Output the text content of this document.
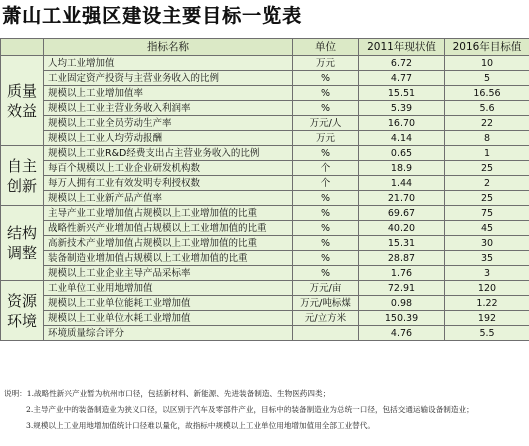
萧山工业强区建设主要目标一览表
	指标名称	单位	2011年现状值	2016年目标值

质量
效益	人均工业增加值	万元	6.72	10
	工业固定资产投资与主营业务收入的比例	%	4.77	5
	规模以上工业增加值率	%	15.51	16.56
	规模以上工业主营业务收入利润率	%	5.39	5.6
	规模以上工业全员劳动生产率	万元/人	16.70	22
	规模以上工业人均劳动报酬	万元	4.14	8

自主
创新	规模以上工业R&D经费支出占主营业务收入的比例	%	0.65	1
	每百个规模以上工业企业研发机构数	个	18.9	25
	每万人拥有工业有效发明专利授权数	个	1.44	2
	规模以上工业新产品产值率	%	21.70	25

结构
调整	主导产业工业增加值占规模以上工业增加值的比重	%	69.67	75
	战略性新兴产业增加值占规模以上工业增加值的比重	%	40.20	45
	高新技术产业增加值占规模以上工业增加值的比重	%	15.31	30
	装备制造业增加值占规模以上工业增加值的比重	%	28.87	35
	规模以上工业企业主导产品采标率	%	1.76	3

资源
环境	工业单位工业用地增加值	万元/亩	72.91	120
	规模以上工业单位能耗工业增加值	万元/吨标煤	0.98	1.22
	规模以上工业单位水耗工业增加值	元/立方米	150.39	192
	环境质量综合评分		4.76	5.5
说明：1.战略性新兴产业暂为杭州市口径，包括新材料、新能源、先进装备制造、生物医药四类；
2.主导产业中的装备制造业为狭义口径，以区别于汽车及零部件产业，目标中的装备制造业为总统一口径，包括交通运输设备制造业；
3.规模以上工业用地增加值统计口径难以量化，故指标中规模以上工业单位用地增加值用全部工业替代。
